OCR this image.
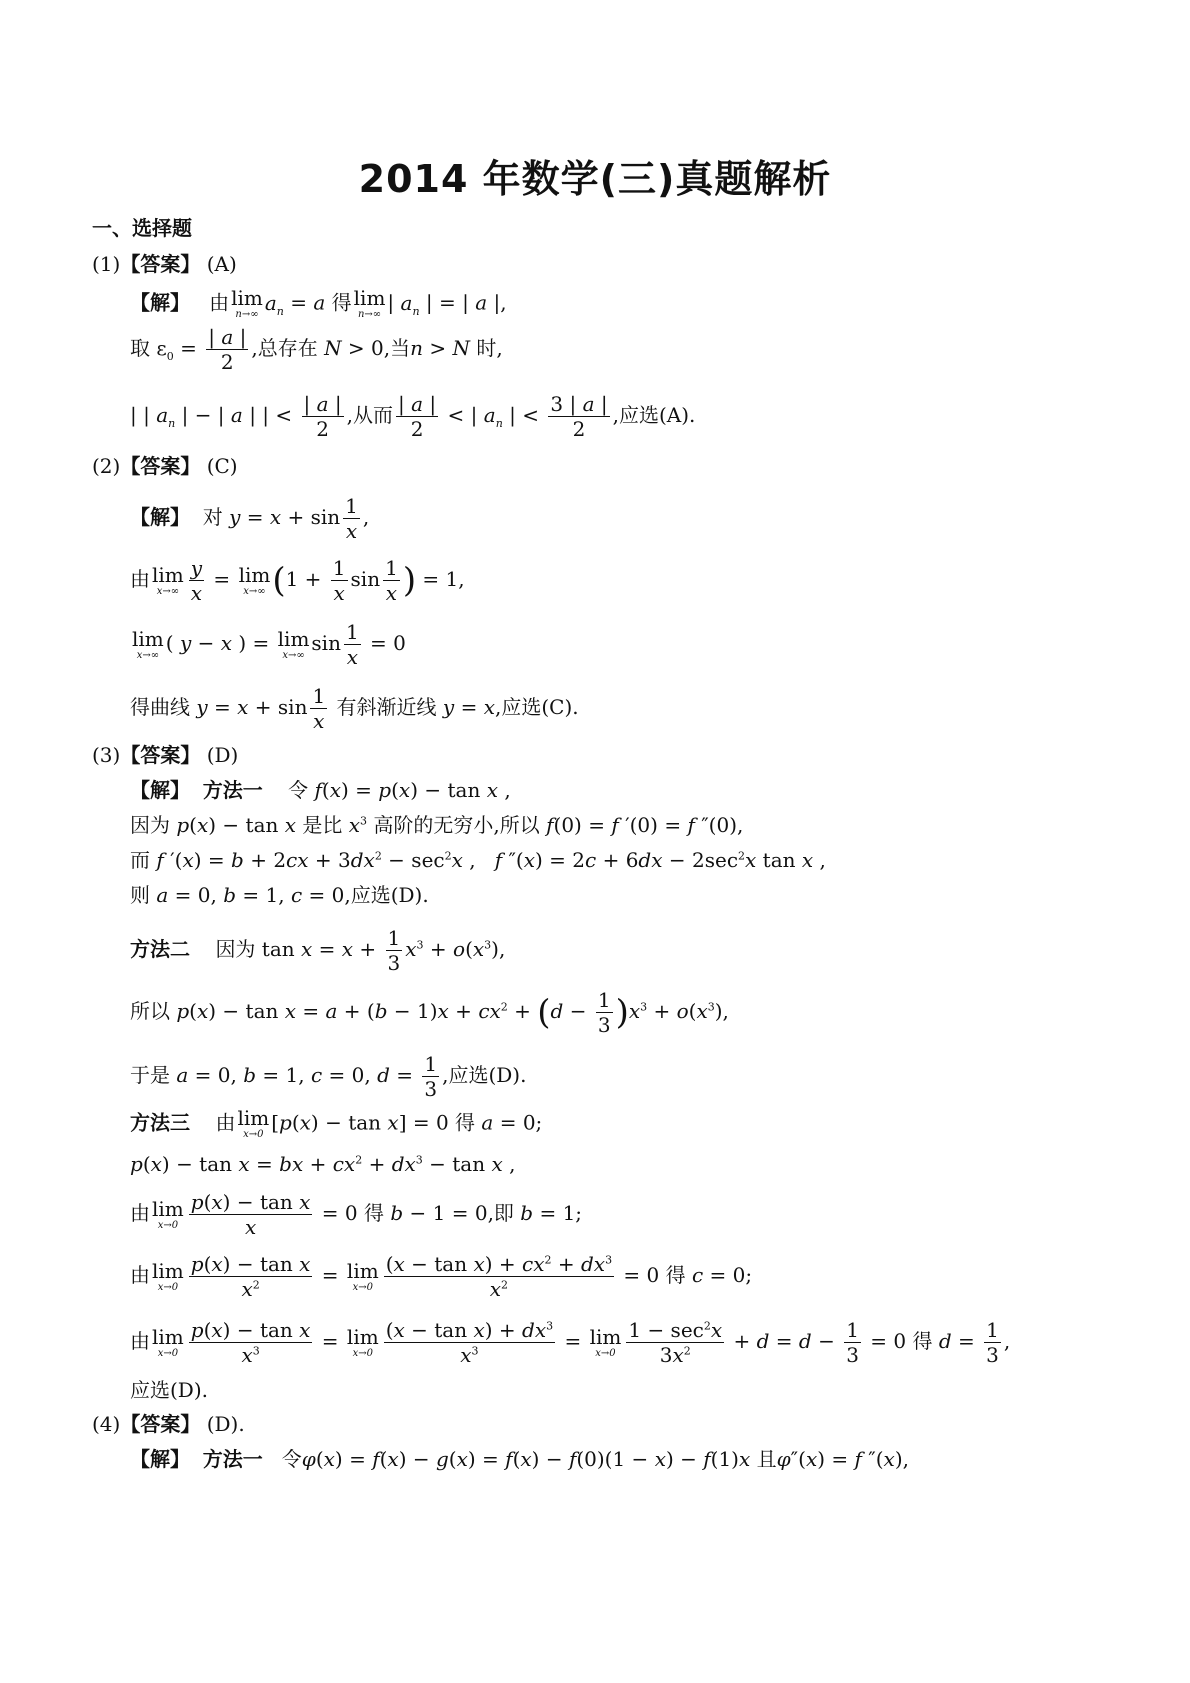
2014 年数学(三)真题解析
一、选择题
(1)【答案】 (A)
【解】 由 lim
n→∞ $a_n = a$ 得 lim
n→∞ | $a_n$ | = | a |,
取 $\varepsilon_0 = \frac{| a |}{2}$ ,总存在 N > 0,当n > N 时,
| | $a_n$ | − | a | | < $\frac{| a |}{2}$ ,从而 $\frac{| a |}{2}$ < | $a_n$ | < $\frac{3 | a |}{2}$ ,应选(A).
(2)【答案】 (C)
【解】 对 $y = x + \sin \frac{1}{x}$ ,
由 lim
$x\to\infty \frac{y}{x} = \lim$
x→∞ ($1 + \frac{1}{x}$ $\sin \frac{1}{x}$ ) = 1,
lim
x→∞ ( y − x ) = lim
x→∞ $\sin \frac{1}{x} = 0$
得曲线 $y = x + \sin \frac{1}{x}$ 有斜渐近线 y = x,应选(C).
(3)【答案】 (D)
【解】 方法一 令 f(x) = p(x) − tan x ,
因为 p(x) − tan x 是比 $x^3$ 高阶的无穷小,所以 f(0) = f ′(0) = f ″(0),
而 f $'(x) = b + 2cx + 3dx^2 - \sec^2x$ ,   f $''(x) = 2c + 6dx - 2\sec^2x$ tan x ,
则 a = 0, b = 1, c = 0,应选(D).
方法二 因为 $\tan x = x + \frac{1}{3} x^3 + o(x^3)$,
所以 $p(x) - \tan x = a + (b - 1)x + cx^2 + (d - \frac{1}{3} )x^3 + o(x^3)$,
于是 a = 0, b = 1, c = 0, $d = \frac{1}{3}$ ,应选(D).
方法三 由 lim
x→0 [p(x) − tan x] = 0 得 a = 0;
p(x) − tan x = bx + $cx^2 + dx^3 - \tan x$ ,
由 lim
$x\to 0 \frac{\text{p(x) − tan x}}{x} = 0$ 得 b − 1 = 0,即 b = 1;
由 lim
$x\to 0 \frac{\text{p(x) − tan x}}{x^2} = \lim$
$x\to 0 \frac{(x - \tan x) + cx^2 + dx^3}{x^2} = 0$ 得 c = 0;
由 lim
$x\to 0 \frac{\text{p(x) − tan x}}{x^3} = \lim$
$x\to 0 \frac{(x - \tan x) + dx^3}{x^3} = \lim$
x→0
$1 - \sec^2x$
$3x^2$	+ $d = d - \frac{1}{3} = 0$ 得 $d = \frac{1}{3}$ ,
应选(D).
(4)【答案】 (D).
【解】 方法一 令φ(x) = f(x) − g(x) = f(x) − f(0)(1 − x) − f(1)x 且φ″(x) = f ″(x),
